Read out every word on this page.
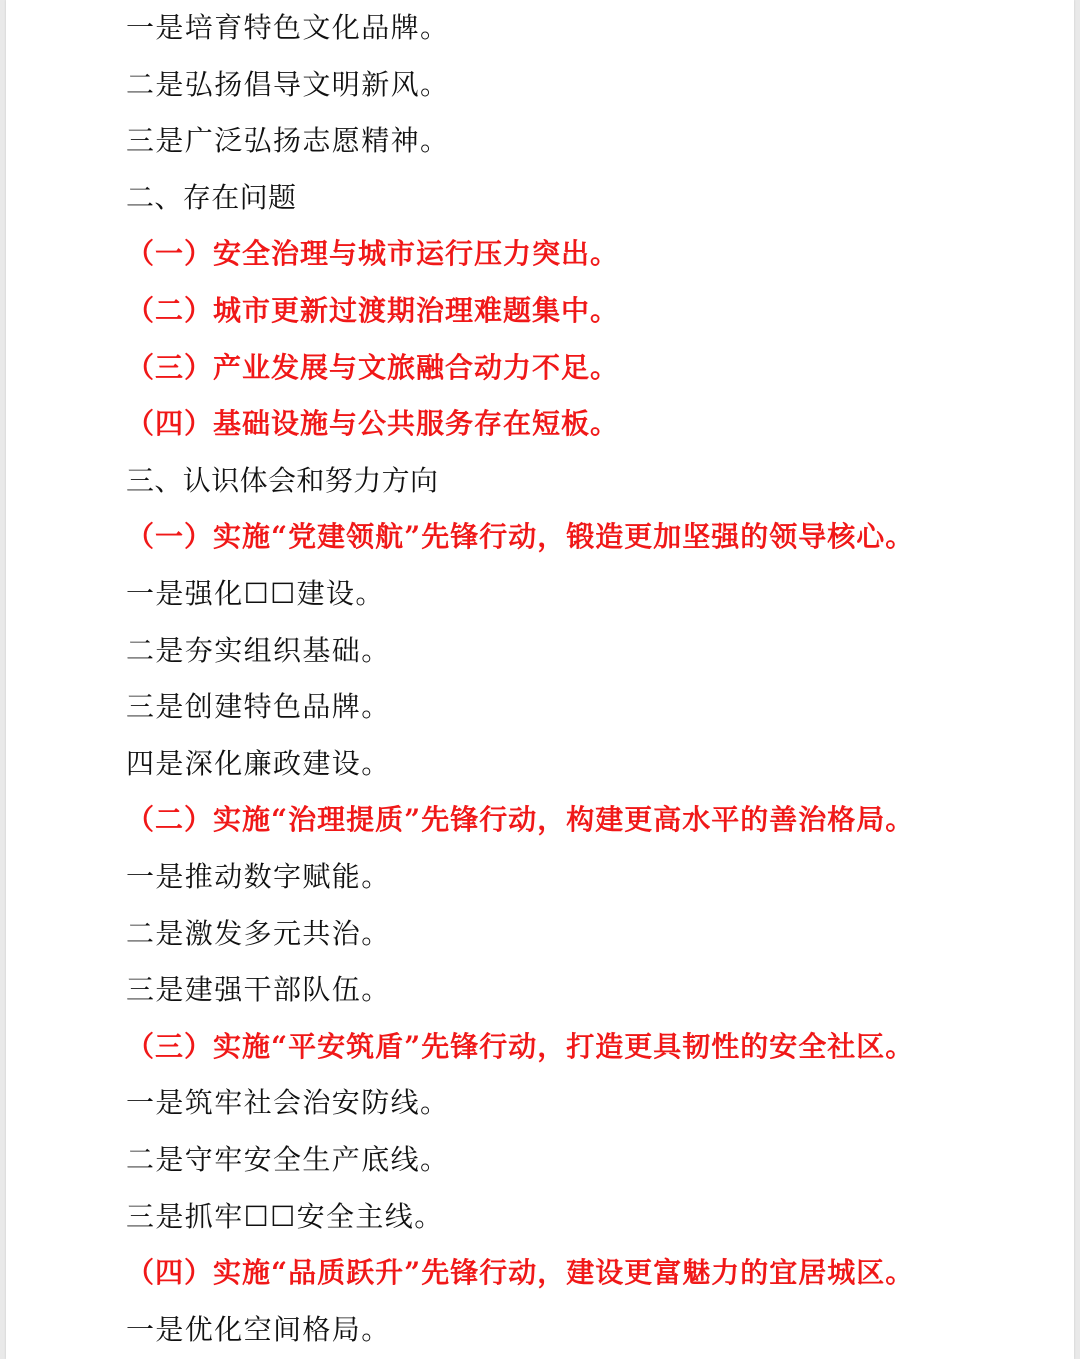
一是培育特色文化品牌。
二是弘扬倡导文明新风。
三是广泛弘扬志愿精神。
二、存在问题
（一）安全治理与城市运行压力突出。
（二）城市更新过渡期治理难题集中。
（三）产业发展与文旅融合动力不足。
（四）基础设施与公共服务存在短板。
三、认识体会和努力方向
（一）实施“党建领航”先锋行动，锻造更加坚强的领导核心。
一是强化☐☐建设。
二是夯实组织基础。
三是创建特色品牌。
四是深化廉政建设。
（二）实施“治理提质”先锋行动，构建更高水平的善治格局。
一是推动数字赋能。
二是激发多元共治。
三是建强干部队伍。
（三）实施“平安筑盾”先锋行动，打造更具韧性的安全社区。
一是筑牢社会治安防线。
二是守牢安全生产底线。
三是抓牢☐☐安全主线。
（四）实施“品质跃升”先锋行动，建设更富魅力的宜居城区。
一是优化空间格局。
